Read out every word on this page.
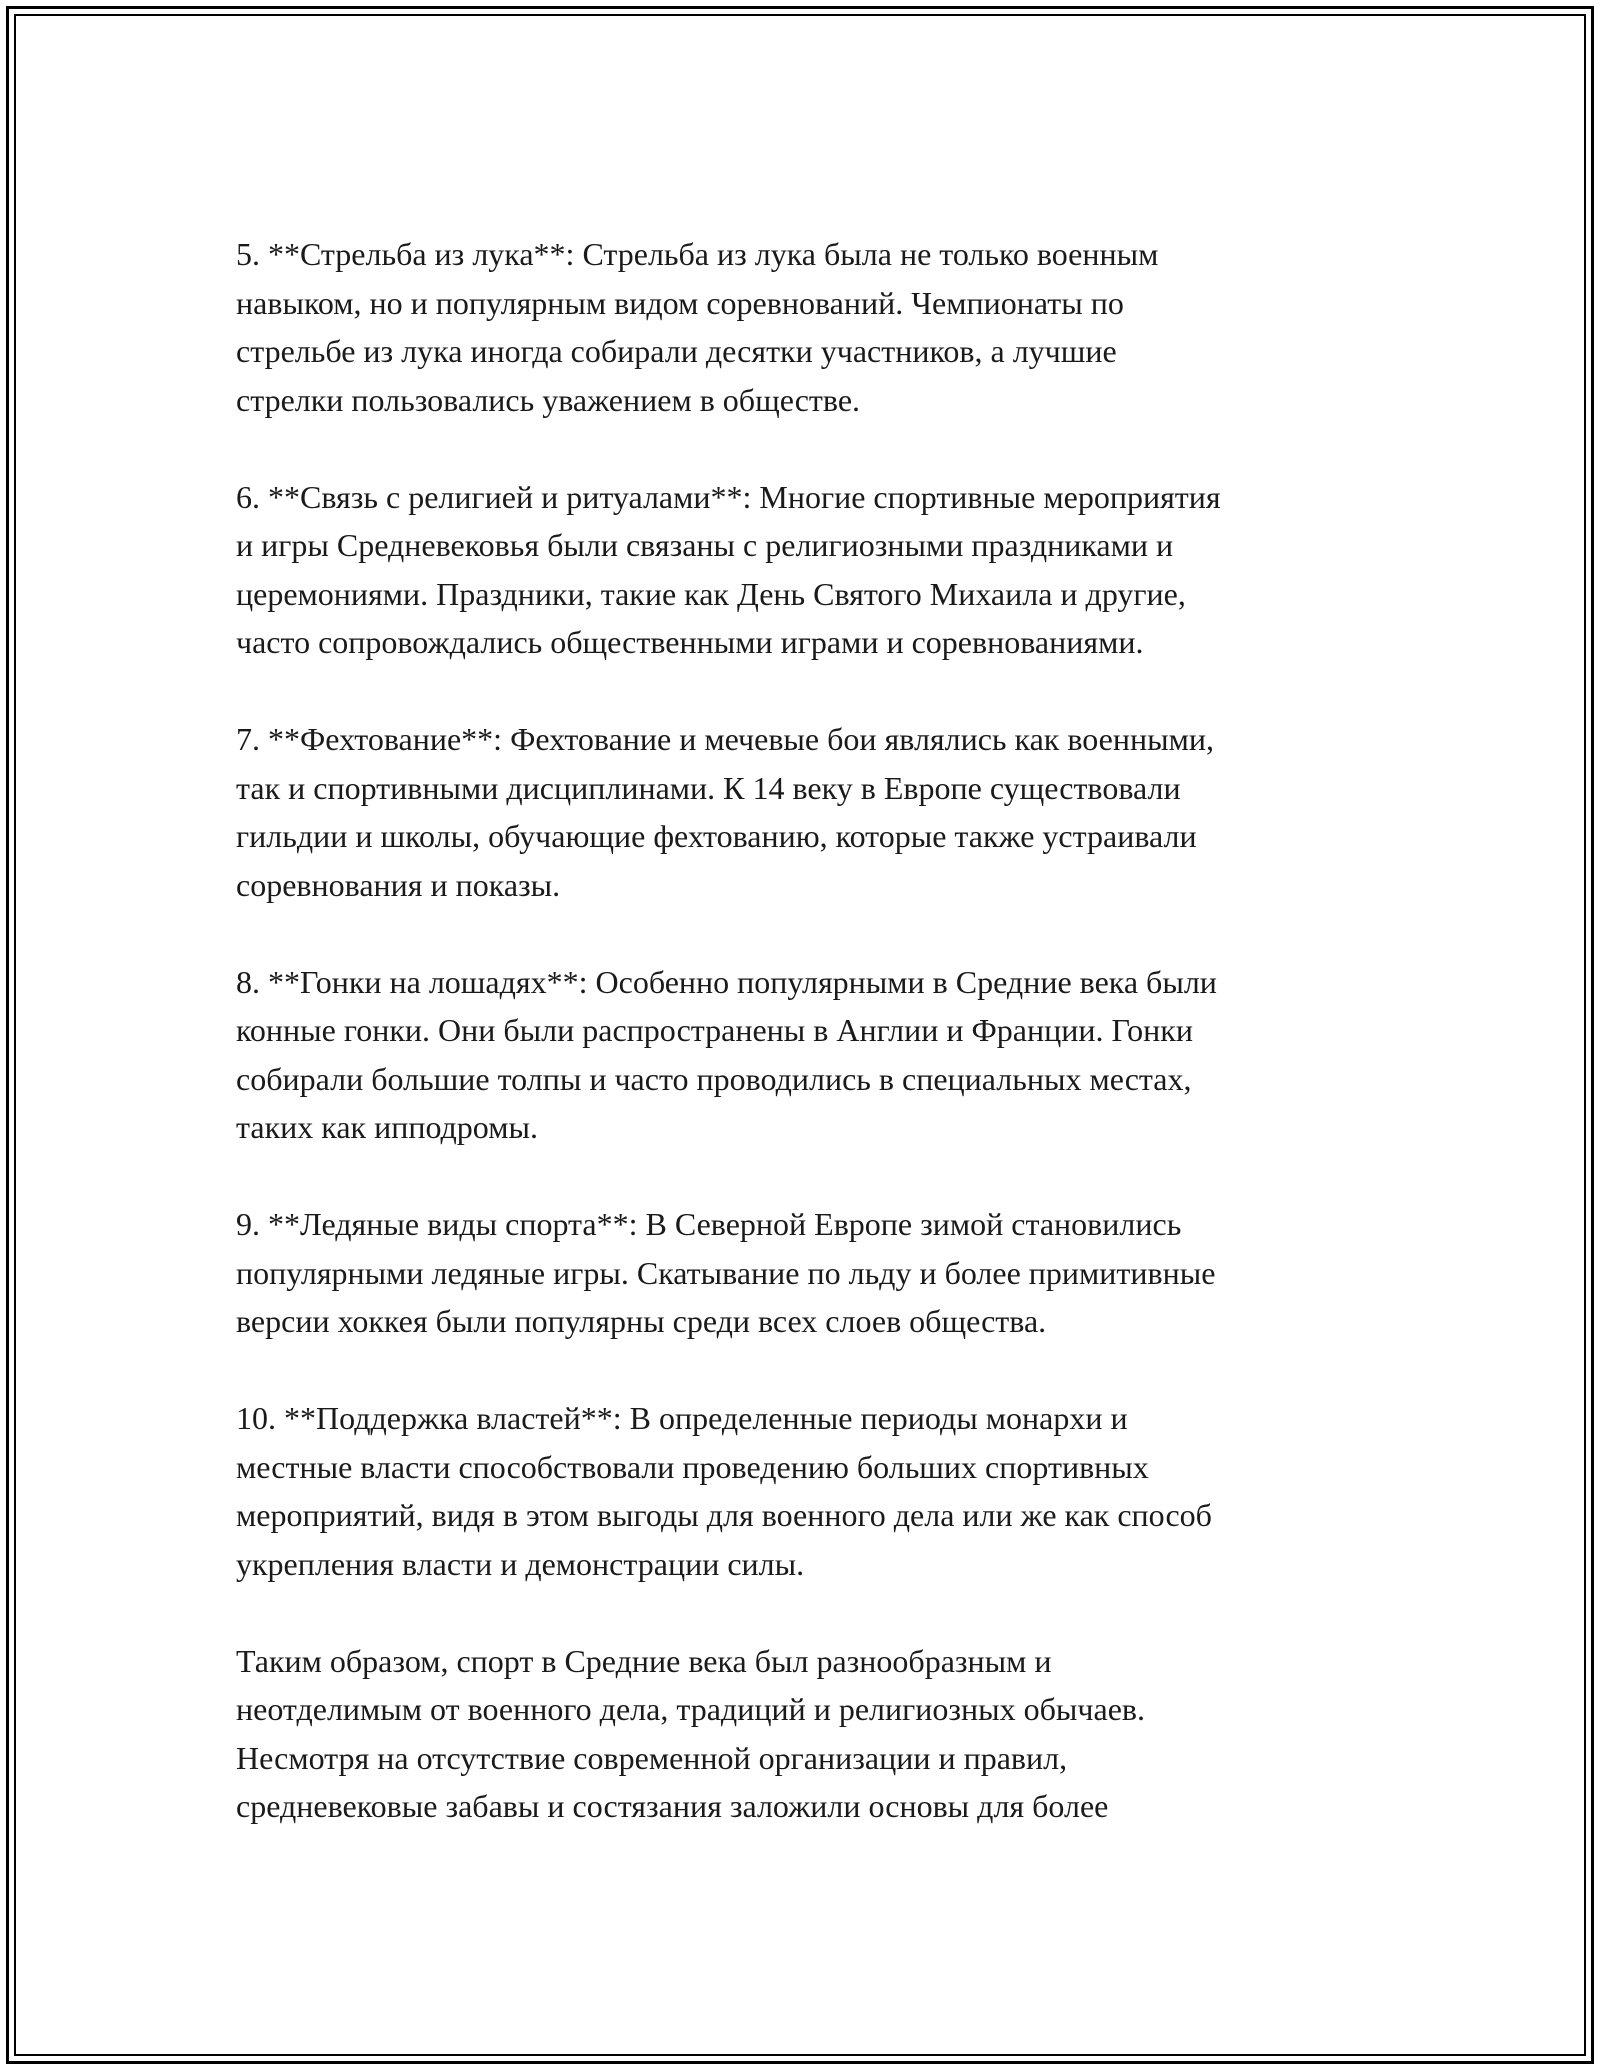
5. **Стрельба из лука**: Стрельба из лука была не только военным
навыком, но и популярным видом соревнований. Чемпионаты по
стрельбе из лука иногда собирали десятки участников, а лучшие
стрелки пользовались уважением в обществе.

6. **Связь с религией и ритуалами**: Многие спортивные мероприятия
и игры Средневековья были связаны с религиозными праздниками и
церемониями. Праздники, такие как День Святого Михаила и другие,
часто сопровождались общественными играми и соревнованиями.

7. **Фехтование**: Фехтование и мечевые бои являлись как военными,
так и спортивными дисциплинами. К 14 веку в Европе существовали
гильдии и школы, обучающие фехтованию, которые также устраивали
соревнования и показы.

8. **Гонки на лошадях**: Особенно популярными в Средние века были
конные гонки. Они были распространены в Англии и Франции. Гонки
собирали большие толпы и часто проводились в специальных местах,
таких как ипподромы.

9. **Ледяные виды спорта**: В Северной Европе зимой становились
популярными ледяные игры. Скатывание по льду и более примитивные
версии хоккея были популярны среди всех слоев общества.

10. **Поддержка властей**: В определенные периоды монархи и
местные власти способствовали проведению больших спортивных
мероприятий, видя в этом выгоды для военного дела или же как способ
укрепления власти и демонстрации силы.

Таким образом, спорт в Средние века был разнообразным и
неотделимым от военного дела, традиций и религиозных обычаев.
Несмотря на отсутствие современной организации и правил,
средневековые забавы и состязания заложили основы для более
